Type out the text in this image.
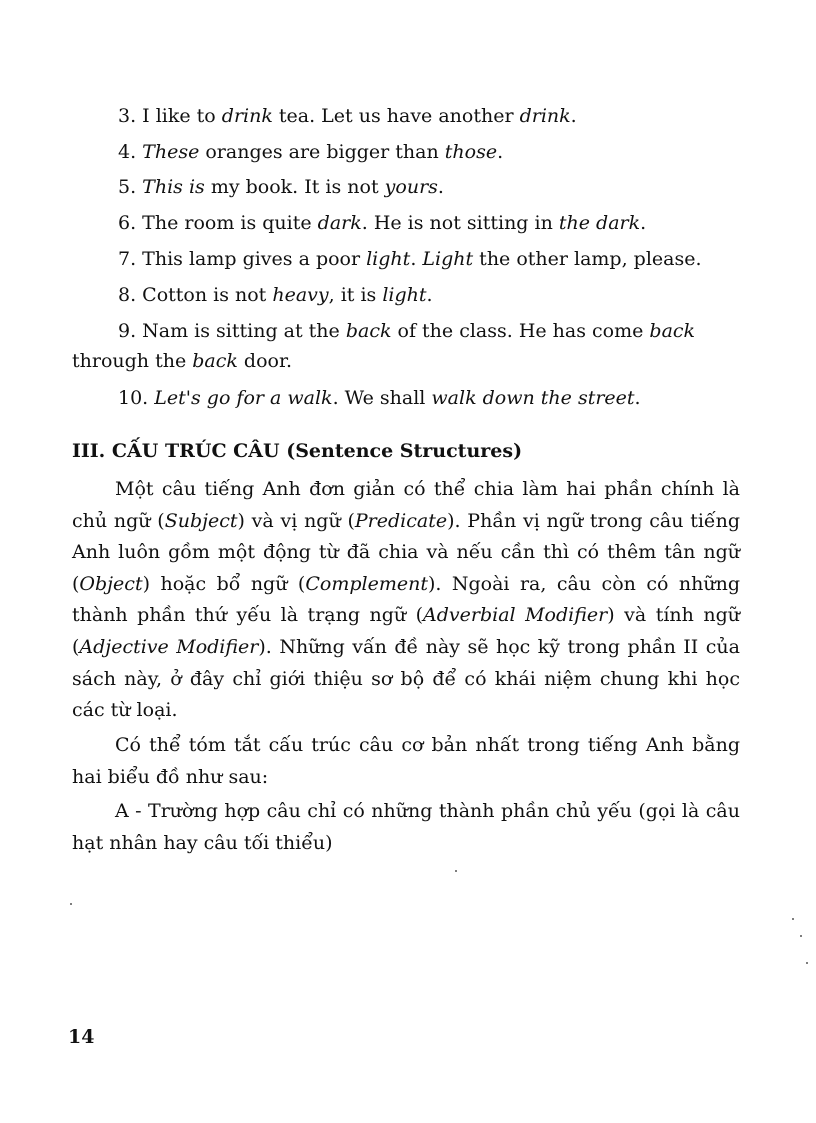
3. I like to drink tea. Let us have another drink.
4. These oranges are bigger than those.
5. This is my book. It is not yours.
6. The room is quite dark. He is not sitting in the dark.
7. This lamp gives a poor light. Light the other lamp, please.
8. Cotton is not heavy, it is light.
9. Nam is sitting at the back of the class. He has come back
through the back door.
10. Let's go for a walk. We shall walk down the street.
III. CẤU TRÚC CÂU (Sentence Structures)
Một câu tiếng Anh đơn giản có thể chia làm hai phần chính là chủ ngữ (Subject) và vị ngữ (Predicate). Phần vị ngữ trong câu tiếng Anh luôn gồm một động từ đã chia và nếu cần thì có thêm tân ngữ (Object) hoặc bổ ngữ (Complement). Ngoài ra, câu còn có những thành phần thứ yếu là trạng ngữ (Adverbial Modifier) và tính ngữ (Adjective Modifier). Những vấn đề này sẽ học kỹ trong phần II của sách này, ở đây chỉ giới thiệu sơ bộ để có khái niệm chung khi học các từ loại.
Có thể tóm tắt cấu trúc câu cơ bản nhất trong tiếng Anh bằng hai biểu đồ như sau:
A - Trường hợp câu chỉ có những thành phần chủ yếu (gọi là câu hạt nhân hay câu tối thiểu)
14
